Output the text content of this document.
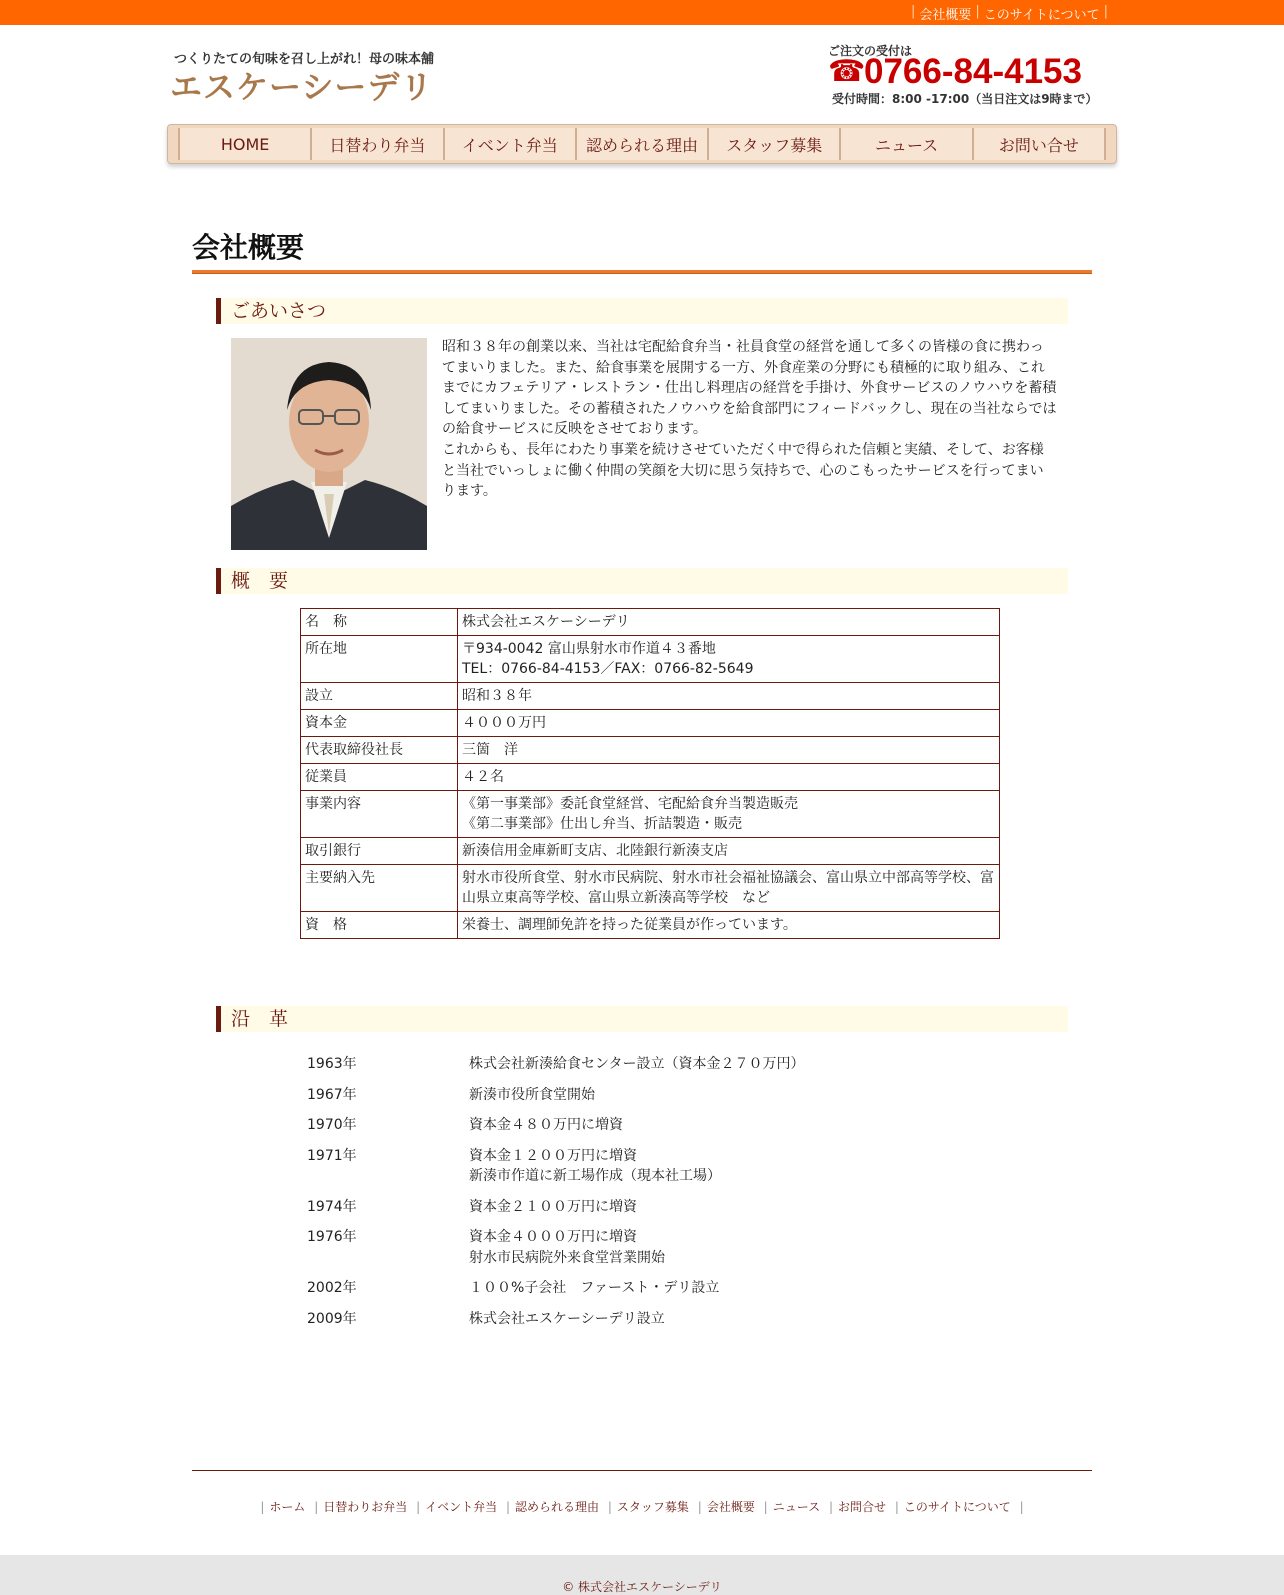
| 会社概要 | このサイトについて |
つくりたての旬味を召し上がれ！母の味本舗
エスケーシーデリ
ご注文の受付は
☎
0766-84-4153
受付時間：8:00 -17:00（当日注文は9時まで）
HOME	日替わり弁当	イベント弁当	認められる理由	スタッフ募集	ニュース	お問い合せ
会社概要
ごあいさつ

昭和３８年の創業以来、当社は宅配給食弁当・社員食堂の経営を通して多くの皆様の食に携わってまいりました。また、給食事業を展開する一方、外食産業の分野にも積極的に取り組み、これまでにカフェテリア・レストラン・仕出し料理店の経営を手掛け、外食サービスのノウハウを蓄積してまいりました。その蓄積されたノウハウを給食部門にフィードバックし、現在の当社ならではの給食サービスに反映をさせております。

これからも、長年にわたり事業を続けさせていただく中で得られた信頼と実績、そして、お客様と当社でいっしょに働く仲間の笑顔を大切に思う気持ちで、心のこもったサービスを行ってまいります。

概　要
名　称	株式会社エスケーシーデリ

所在地	〒934-0042 富山県射水市作道４３番地
TEL：0766-84-4153／FAX：0766-82-5649

設立	昭和３８年

資本金	４０００万円

代表取締役社長	三箇　洋

従業員	４２名

事業内容	《第一事業部》委託食堂経営、宅配給食弁当製造販売
《第二事業部》仕出し弁当、折詰製造・販売

取引銀行	新湊信用金庫新町支店、北陸銀行新湊支店

主要納入先	射水市役所食堂、射水市民病院、射水市社会福祉協議会、富山県立中部高等学校、富山県立東高等学校、富山県立新湊高等学校　など

資　格	栄養士、調理師免許を持った従業員が作っています。
沿　革
1963年	株式会社新湊給食センター設立（資本金２７０万円）
1967年	新湊市役所食堂開始
1970年	資本金４８０万円に増資
1971年	資本金１２００万円に増資
新湊市作道に新工場作成（現本社工場）
1974年	資本金２１００万円に増資
1976年	資本金４０００万円に増資
射水市民病院外来食堂営業開始
2002年	１００%子会社　ファースト・デリ設立
2009年	株式会社エスケーシーデリ設立
| ホーム | 日替わりお弁当 | イベント弁当 | 認められる理由 | スタッフ募集 | 会社概要 | ニュース | お問合せ | このサイトについて |
© 株式会社エスケーシーデリ
